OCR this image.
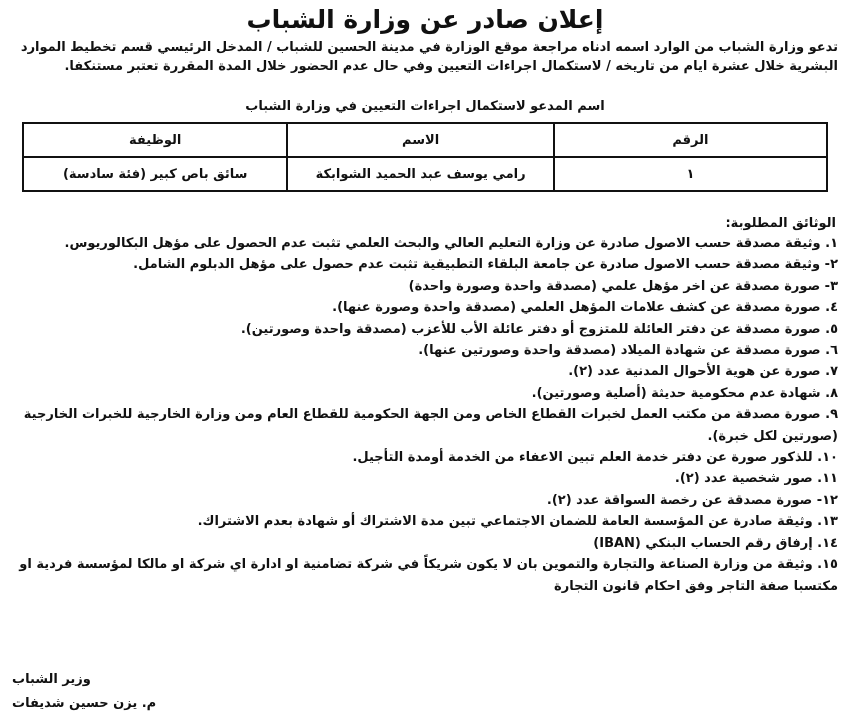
إعلان صادر عن وزارة الشباب

تدعو وزارة الشباب من الوارد اسمه ادناه مراجعة موقع الوزارة في مدينة الحسين للشباب / المدخل الرئيسي قسم تخطيط الموارد البشرية خلال عشرة ايام من تاريخه / لاستكمال اجراءات التعيين وفي حال عدم الحضور خلال المدة المقررة تعتبر مستنكفا.

اسم المدعو لاستكمال اجراءات التعيين في وزارة الشباب
الرقم	الاسم	الوظيفة
١	رامي يوسف عبد الحميد الشوابكة	سائق باص كبير (فئة سادسة)
الوثائق المطلوبة:
١. وثيقة مصدقة حسب الاصول صادرة عن وزارة التعليم العالي والبحث العلمي تثبت عدم الحصول على مؤهل البكالوريوس.
٢- وثيقة مصدقة حسب الاصول صادرة عن جامعة البلقاء التطبيقية تثبت عدم حصول على مؤهل الدبلوم الشامل.
٣- صورة مصدقة عن اخر مؤهل علمي (مصدقة واحدة وصورة واحدة)
٤. صورة مصدقة عن كشف علامات المؤهل العلمي (مصدقة واحدة وصورة عنها).
٥. صورة مصدقة عن دفتر العائلة للمتزوج أو دفتر عائلة الأب للأعزب (مصدقة واحدة وصورتين).
٦. صورة مصدقة عن شهادة الميلاد (مصدقة واحدة وصورتين عنها).
٧. صورة عن هوية الأحوال المدنية عدد (٢).
٨. شهادة عدم محكومية حديثة (أصلية وصورتين).
٩. صورة مصدقة من مكتب العمل لخبرات القطاع الخاص ومن الجهة الحكومية للقطاع العام ومن وزارة الخارجية للخبرات الخارجية (صورتين لكل خبرة).
١٠. للذكور صورة عن دفتر خدمة العلم تبين الاعفاء من الخدمة أومدة التأجيل.
١١. صور شخصية عدد (٢).
١٢- صورة مصدقة عن رخصة السواقة عدد (٢).
١٣. وثيقة صادرة عن المؤسسة العامة للضمان الاجتماعي تبين مدة الاشتراك أو شهادة بعدم الاشتراك.
١٤. إرفاق رقم الحساب البنكي (IBAN)
١٥. وثيقة من وزارة الصناعة والتجارة والتموين بان لا يكون شريكاً في شركة تضامنية او ادارة اي شركة او مالكا لمؤسسة فردية او مكتسبا صفة التاجر وفق احكام قانون التجارة
وزير الشباب
م. يزن حسين شديفات
